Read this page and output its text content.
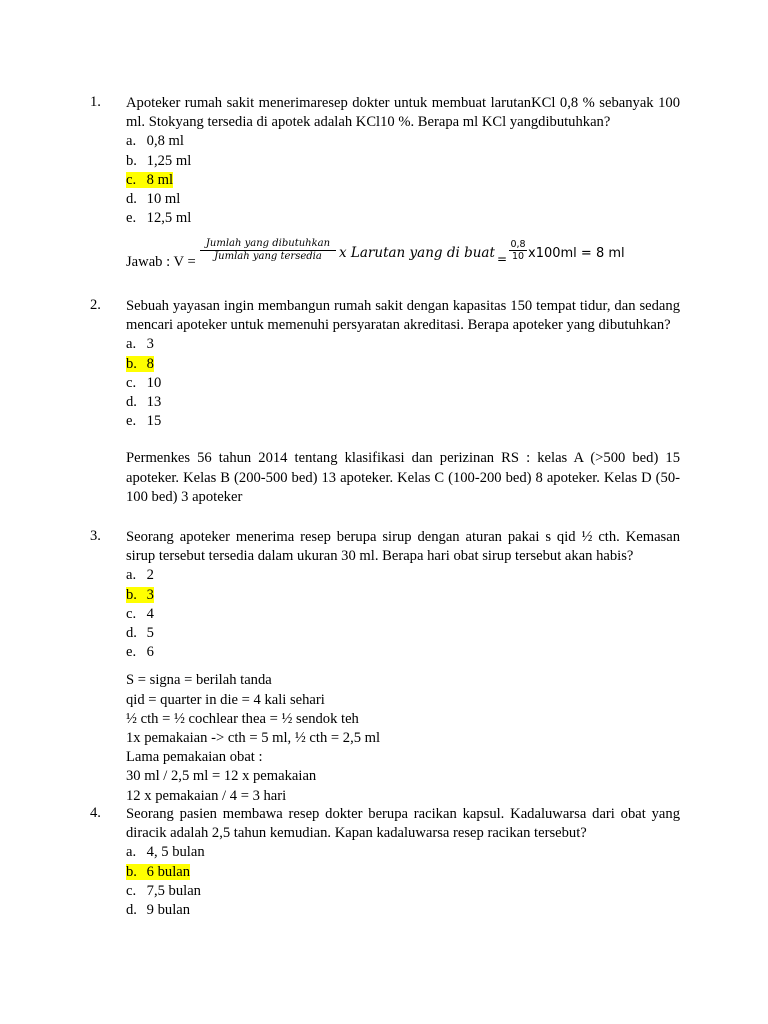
1. Apoteker rumah sakit menerimaresep dokter untuk membuat larutanKCl 0,8 % sebanyak 100 ml. Stokyang tersedia di apotek adalah KCl10 %. Berapa ml KCl yangdibutuhkan?
a. 0,8 ml
b. 1,25 ml
c. 8 ml
d. 10 ml
e. 12,5 ml
Jawab : V =
Jumlah yang dibutuhkan
Jumlah yang tersedia	x Larutan yang di buat =
0,8
10 x100ml = 8 ml
2. Sebuah yayasan ingin membangun rumah sakit dengan kapasitas 150 tempat tidur, dan sedang mencari apoteker untuk memenuhi persyaratan akreditasi. Berapa apoteker yang dibutuhkan?
a. 3
b. 8
c. 10
d. 13
e. 15
Permenkes 56 tahun 2014 tentang klasifikasi dan perizinan RS : kelas A (>500 bed) 15 apoteker. Kelas B (200-500 bed) 13 apoteker. Kelas C (100-200 bed) 8 apoteker. Kelas D (50-100 bed) 3 apoteker
3. Seorang apoteker menerima resep berupa sirup dengan aturan pakai s qid ½ cth. Kemasan sirup tersebut tersedia dalam ukuran 30 ml. Berapa hari obat sirup tersebut akan habis?
a. 2
b. 3
c. 4
d. 5
e. 6
S = signa = berilah tanda
qid = quarter in die = 4 kali sehari
½ cth = ½ cochlear thea = ½ sendok teh
1x pemakaian -> cth = 5 ml, ½ cth = 2,5 ml
Lama pemakaian obat :
30 ml / 2,5 ml = 12 x pemakaian
12 x pemakaian / 4 = 3 hari
4. Seorang pasien membawa resep dokter berupa racikan kapsul. Kadaluwarsa dari obat yang diracik adalah 2,5 tahun kemudian. Kapan kadaluwarsa resep racikan tersebut?
a. 4, 5 bulan
b. 6 bulan
c. 7,5 bulan
d. 9 bulan
